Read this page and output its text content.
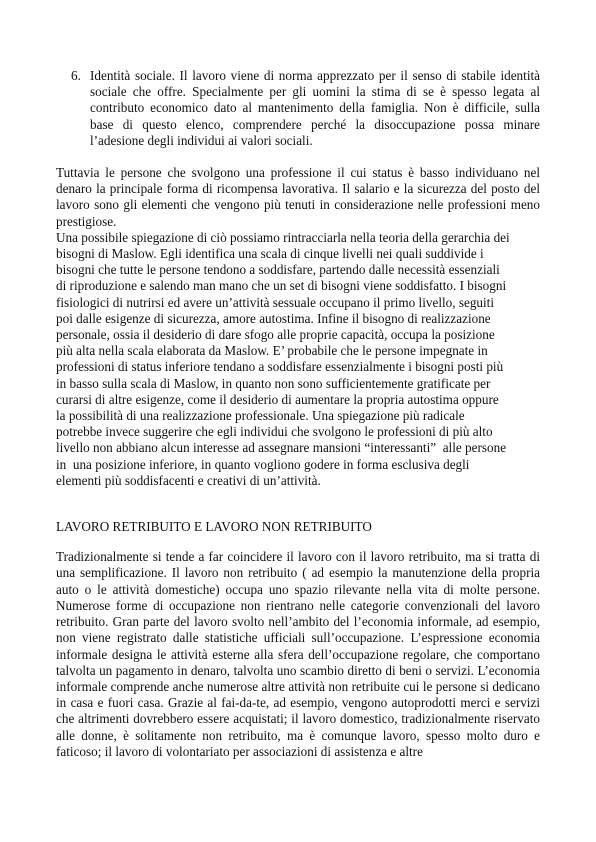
6. Identità sociale. Il lavoro viene di norma apprezzato per il senso di stabile identità sociale che offre. Specialmente per gli uomini la stima di se è spesso legata al contributo economico dato al mantenimento della famiglia. Non è difficile, sulla base di questo elenco, comprendere perché la disoccupazione possa minare l’adesione degli individui ai valori sociali.

Tuttavia le persone che svolgono una professione il cui status è basso individuano nel denaro la principale forma di ricompensa lavorativa. Il salario e la sicurezza del posto del lavoro sono gli elementi che vengono più tenuti in considerazione nelle professioni meno prestigiose.

Una possibile spiegazione di ciò possiamo rintracciarla nella teoria della gerarchia dei
bisogni di Maslow. Egli identifica una scala di cinque livelli nei quali suddivide i
bisogni che tutte le persone tendono a soddisfare, partendo dalle necessità essenziali
di riproduzione e salendo man mano che un set di bisogni viene soddisfatto. I bisogni
fisiologici di nutrirsi ed avere un’attività sessuale occupano il primo livello, seguiti
poi dalle esigenze di sicurezza, amore autostima. Infine il bisogno di realizzazione
personale, ossia il desiderio di dare sfogo alle proprie capacità, occupa la posizione
più alta nella scala elaborata da Maslow. E’ probabile che le persone impegnate in
professioni di status inferiore tendano a soddisfare essenzialmente i bisogni posti più
in basso sulla scala di Maslow, in quanto non sono sufficientemente gratificate per
curarsi di altre esigenze, come il desiderio di aumentare la propria autostima oppure
la possibilità di una realizzazione professionale. Una spiegazione più radicale
potrebbe invece suggerire che egli individui che svolgono le professioni di più alto
livello non abbiano alcun interesse ad assegnare mansioni “interessanti”  alle persone
in  una posizione inferiore, in quanto vogliono godere in forma esclusiva degli
elementi più soddisfacenti e creativi di un’attività.

LAVORO RETRIBUITO E LAVORO NON RETRIBUITO

Tradizionalmente si tende a far coincidere il lavoro con il lavoro retribuito, ma si tratta di una semplificazione. Il lavoro non retribuito ( ad esempio la manutenzione della propria auto o le attività domestiche) occupa uno spazio rilevante nella vita di molte persone. Numerose forme di occupazione non rientrano nelle categorie convenzionali del lavoro retribuito. Gran parte del lavoro svolto nell’ambito del l’economia informale, ad esempio, non viene registrato dalle statistiche ufficiali sull’occupazione. L’espressione economia informale designa le attività esterne alla sfera dell’occupazione regolare, che comportano talvolta un pagamento in denaro, talvolta uno scambio diretto di beni o servizi. L’economia informale comprende anche numerose altre attività non retribuite cui le persone si dedicano in casa e fuori casa. Grazie al fai-da-te, ad esempio, vengono autoprodotti merci e servizi che altrimenti dovrebbero essere acquistati; il lavoro domestico, tradizionalmente riservato alle donne, è solitamente non retribuito, ma è comunque lavoro, spesso molto duro e faticoso; il lavoro di volontariato per associazioni di assistenza e altre
